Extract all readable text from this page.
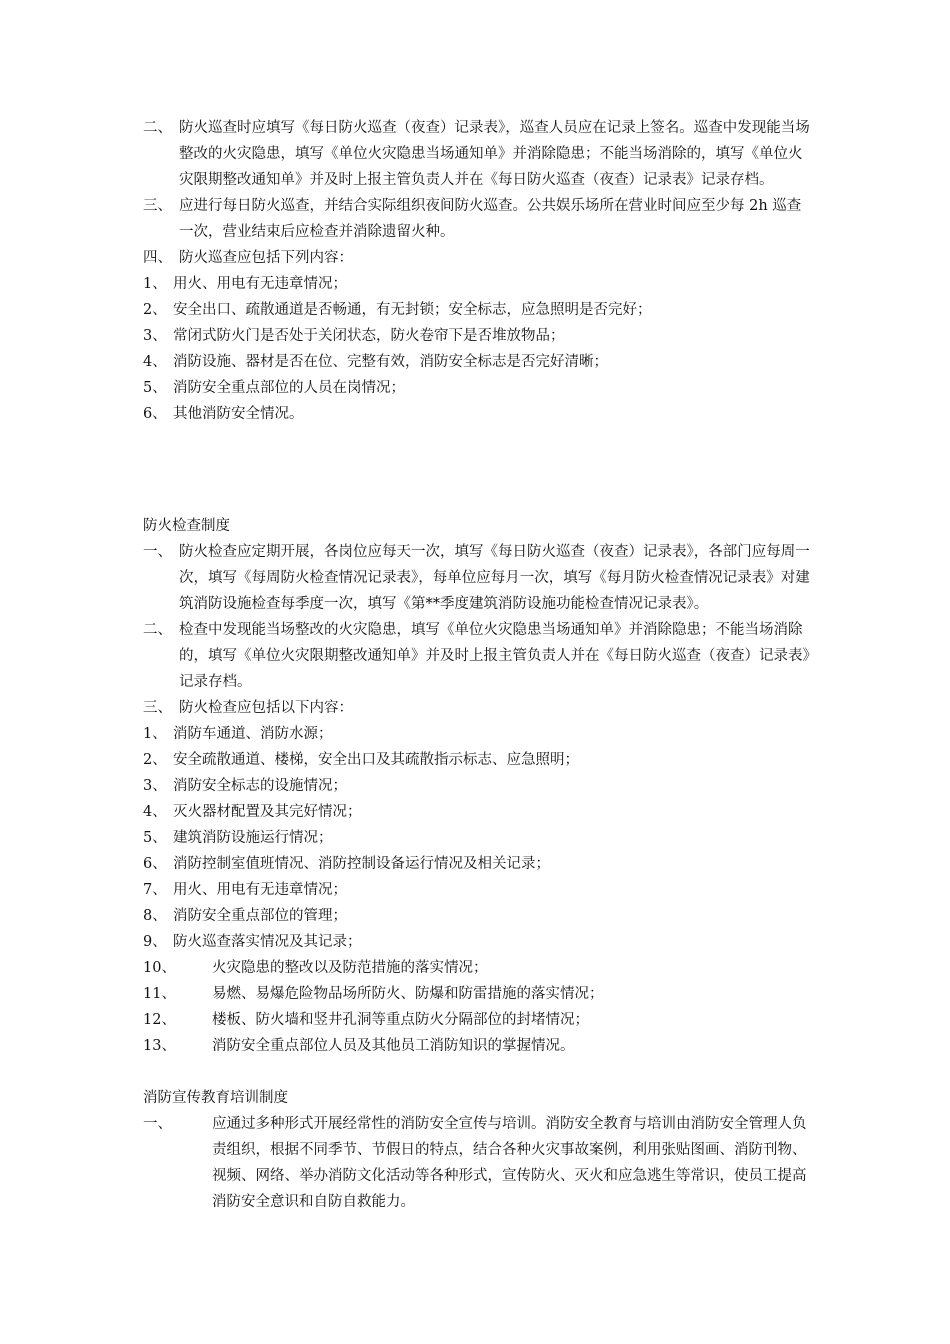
二、 防火巡查时应填写《每日防火巡查（夜查）记录表》，巡查人员应在记录上签名。巡查中发现能当场整改的火灾隐患，填写《单位火灾隐患当场通知单》并消除隐患；不能当场消除的，填写《单位火灾限期整改通知单》并及时上报主管负责人并在《每日防火巡查（夜查）记录表》记录存档。
三、 应进行每日防火巡查，并结合实际组织夜间防火巡查。公共娱乐场所在营业时间应至少每 2h 巡查一次，营业结束后应检查并消除遗留火种。
四、 防火巡查应包括下列内容：
1、 用火、用电有无违章情况；
2、 安全出口、疏散通道是否畅通，有无封锁；安全标志，应急照明是否完好；
3、 常闭式防火门是否处于关闭状态，防火卷帘下是否堆放物品；
4、 消防设施、器材是否在位、完整有效，消防安全标志是否完好清晰；
5、 消防安全重点部位的人员在岗情况；
6、 其他消防安全情况。
防火检查制度
一、 防火检查应定期开展，各岗位应每天一次，填写《每日防火巡查（夜查）记录表》，各部门应每周一次，填写《每周防火检查情况记录表》，每单位应每月一次，填写《每月防火检查情况记录表》对建筑消防设施检查每季度一次，填写《第**季度建筑消防设施功能检查情况记录表》。
二、 检查中发现能当场整改的火灾隐患，填写《单位火灾隐患当场通知单》并消除隐患；不能当场消除的，填写《单位火灾限期整改通知单》并及时上报主管负责人并在《每日防火巡查（夜查）记录表》记录存档。
三、 防火检查应包括以下内容：
1、 消防车通道、消防水源；
2、 安全疏散通道、楼梯，安全出口及其疏散指示标志、应急照明；
3、 消防安全标志的设施情况；
4、 灭火器材配置及其完好情况；
5、 建筑消防设施运行情况；
6、 消防控制室值班情况、消防控制设备运行情况及相关记录；
7、 用火、用电有无违章情况；
8、 消防安全重点部位的管理；
9、 防火巡查落实情况及其记录；
10、	火灾隐患的整改以及防范措施的落实情况；
11、	易燃、易爆危险物品场所防火、防爆和防雷措施的落实情况；
12、	楼板、防火墙和竖井孔洞等重点防火分隔部位的封堵情况；
13、	消防安全重点部位人员及其他员工消防知识的掌握情况。
消防宣传教育培训制度
一、	应通过多种形式开展经常性的消防安全宣传与培训。消防安全教育与培训由消防安全管理人负责组织，根据不同季节、节假日的特点，结合各种火灾事故案例，利用张贴图画、消防刊物、视频、网络、举办消防文化活动等各种形式，宣传防火、灭火和应急逃生等常识，使员工提高消防安全意识和自防自救能力。
